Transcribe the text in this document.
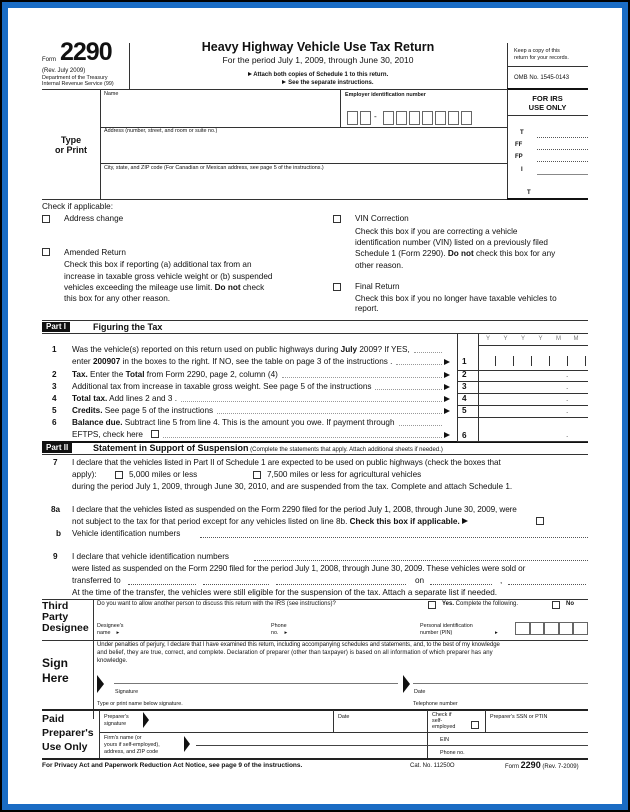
Form 2290
(Rev. July 2009)
Department of the Treasury
Internal Revenue Service (99)
Heavy Highway Vehicle Use Tax Return
For the period July 1, 2009, through June 30, 2010
Attach both copies of Schedule 1 to this return.
See the separate instructions.
Keep a copy of this
return for your records.
OMB No. 1545-0143
Type
or Print
Name	Employer identification number
Address (number, street, and room or suite no.)
City, state, and ZIP code (For Canadian or Mexican address, see page 5 of the instructions.)
FOR IRS
USE ONLY
T
FF
FP
I
T
Check if applicable:
Address change
Amended Return
Check this box if reporting (a) additional tax from an
increase in taxable gross vehicle weight or (b) suspended
vehicles exceeding the mileage use limit. Do not check
this box for any other reason.
VIN Correction
Check this box if you are correcting a vehicle
identification number (VIN) listed on a previously filed
Schedule 1 (Form 2290). Do not check this box for any
other reason.
Final Return
Check this box if you no longer have taxable vehicles to
report.
Part I	Figuring the Tax
Part II	Statement in Support of Suspension (Complete the statements that apply. Attach additional sheets if needed.)
7 I declare that the vehicles listed in Part II of Schedule 1 are expected to be used on public highways (check the boxes that
apply):	5,000 miles or less	7,500 miles or less for agricultural vehicles
during the period July 1, 2009, through June 30, 2010, and are suspended from the tax. Complete and attach Schedule 1.
8a I declare that the vehicles listed as suspended on the Form 2290 filed for the period July 1, 2008, through June 30, 2009, were
not subject to the tax for that period except for any vehicles listed on line 8b. Check this box if applicable.
b Vehicle identification numbers
9 I declare that vehicle identification numbers
were listed as suspended on the Form 2290 filed for the period July 1, 2008, through June 30, 2009. These vehicles were sold or
transferred to	on	,
At the time of the transfer, the vehicles were still eligible for the suspension of the tax. Attach a separate list if needed.
Third
Party
Designee
Do you want to allow another person to discuss this return with the IRS (see instructions)?	Yes. Complete the following.	No
Designee's
name    ▸
Phone
no.    ▸
Personal identification
number (PIN)	▸
Under penalties of perjury, I declare that I have examined this return, including accompanying schedules and statements, and, to the best of my knowledge
and belief, they are true, correct, and complete. Declaration of preparer (other than taxpayer) is based on all information of which preparer has any
knowledge.
Sign
Here
Signature	Date
Type or print name below signature.	Telephone number
Paid
Preparer's
Use Only
Preparer's
signature
Date	Check if
self-
employed
Preparer's SSN or PTIN
Firm's name (or
yours if self-employed),
address, and ZIP code
EIN
Phone no.
For Privacy Act and Paperwork Reduction Act Notice, see page 9 of the instructions.	Cat. No. 11250O	Form 2290 (Rev. 7-2009)
-
Y Y Y Y M M
1 Was the vehicle(s) reported on this return used on public highways during July 2009? If YES,
enter 200907 in the boxes to the right. If NO, see the table on page 3 of the instructions .	1
2 Tax. Enter the Total from Form 2290, page 2, column (4)	2	.
3 Additional tax from increase in taxable gross weight. See page 5 of the instructions	3	.
4 Total tax. Add lines 2 and 3 .	4	.
5 Credits. See page 5 of the instructions	5	.
6 Balance due. Subtract line 5 from line 4. This is the amount you owe. If payment through
EFTPS, check here	6	.
